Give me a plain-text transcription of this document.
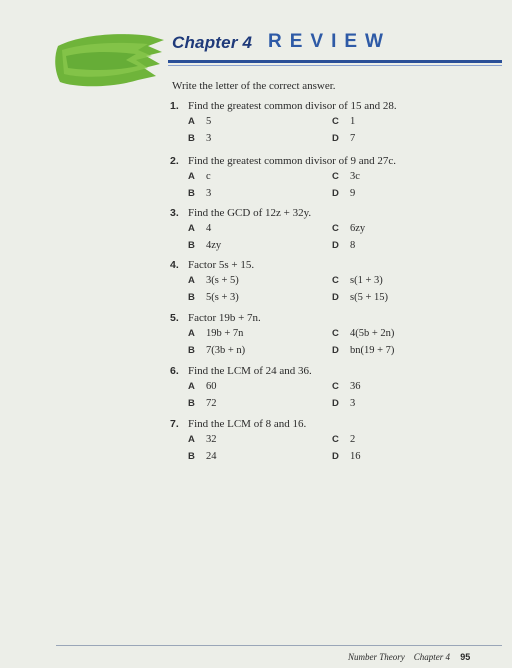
Chapter 4 REVIEW
Write the letter of the correct answer.
1. Find the greatest common divisor of 15 and 28.
A 5
B 3
C 1
D 7
2. Find the greatest common divisor of 9 and 27c.
A c
B 3
C 3c
D 9
3. Find the GCD of 12z + 32y.
A 4
B 4zy
C 6zy
D 8
4. Factor 5s + 15.
A 3(s + 5)
B 5(s + 3)
C s(1 + 3)
D s(5 + 15)
5. Factor 19b + 7n.
A 19b + 7n
B 7(3b + n)
C 4(5b + 2n)
D bn(19 + 7)
6. Find the LCM of 24 and 36.
A 60
B 72
C 36
D 3
7. Find the LCM of 8 and 16.
A 32
B 24
C 2
D 16
Number Theory Chapter 4 95
